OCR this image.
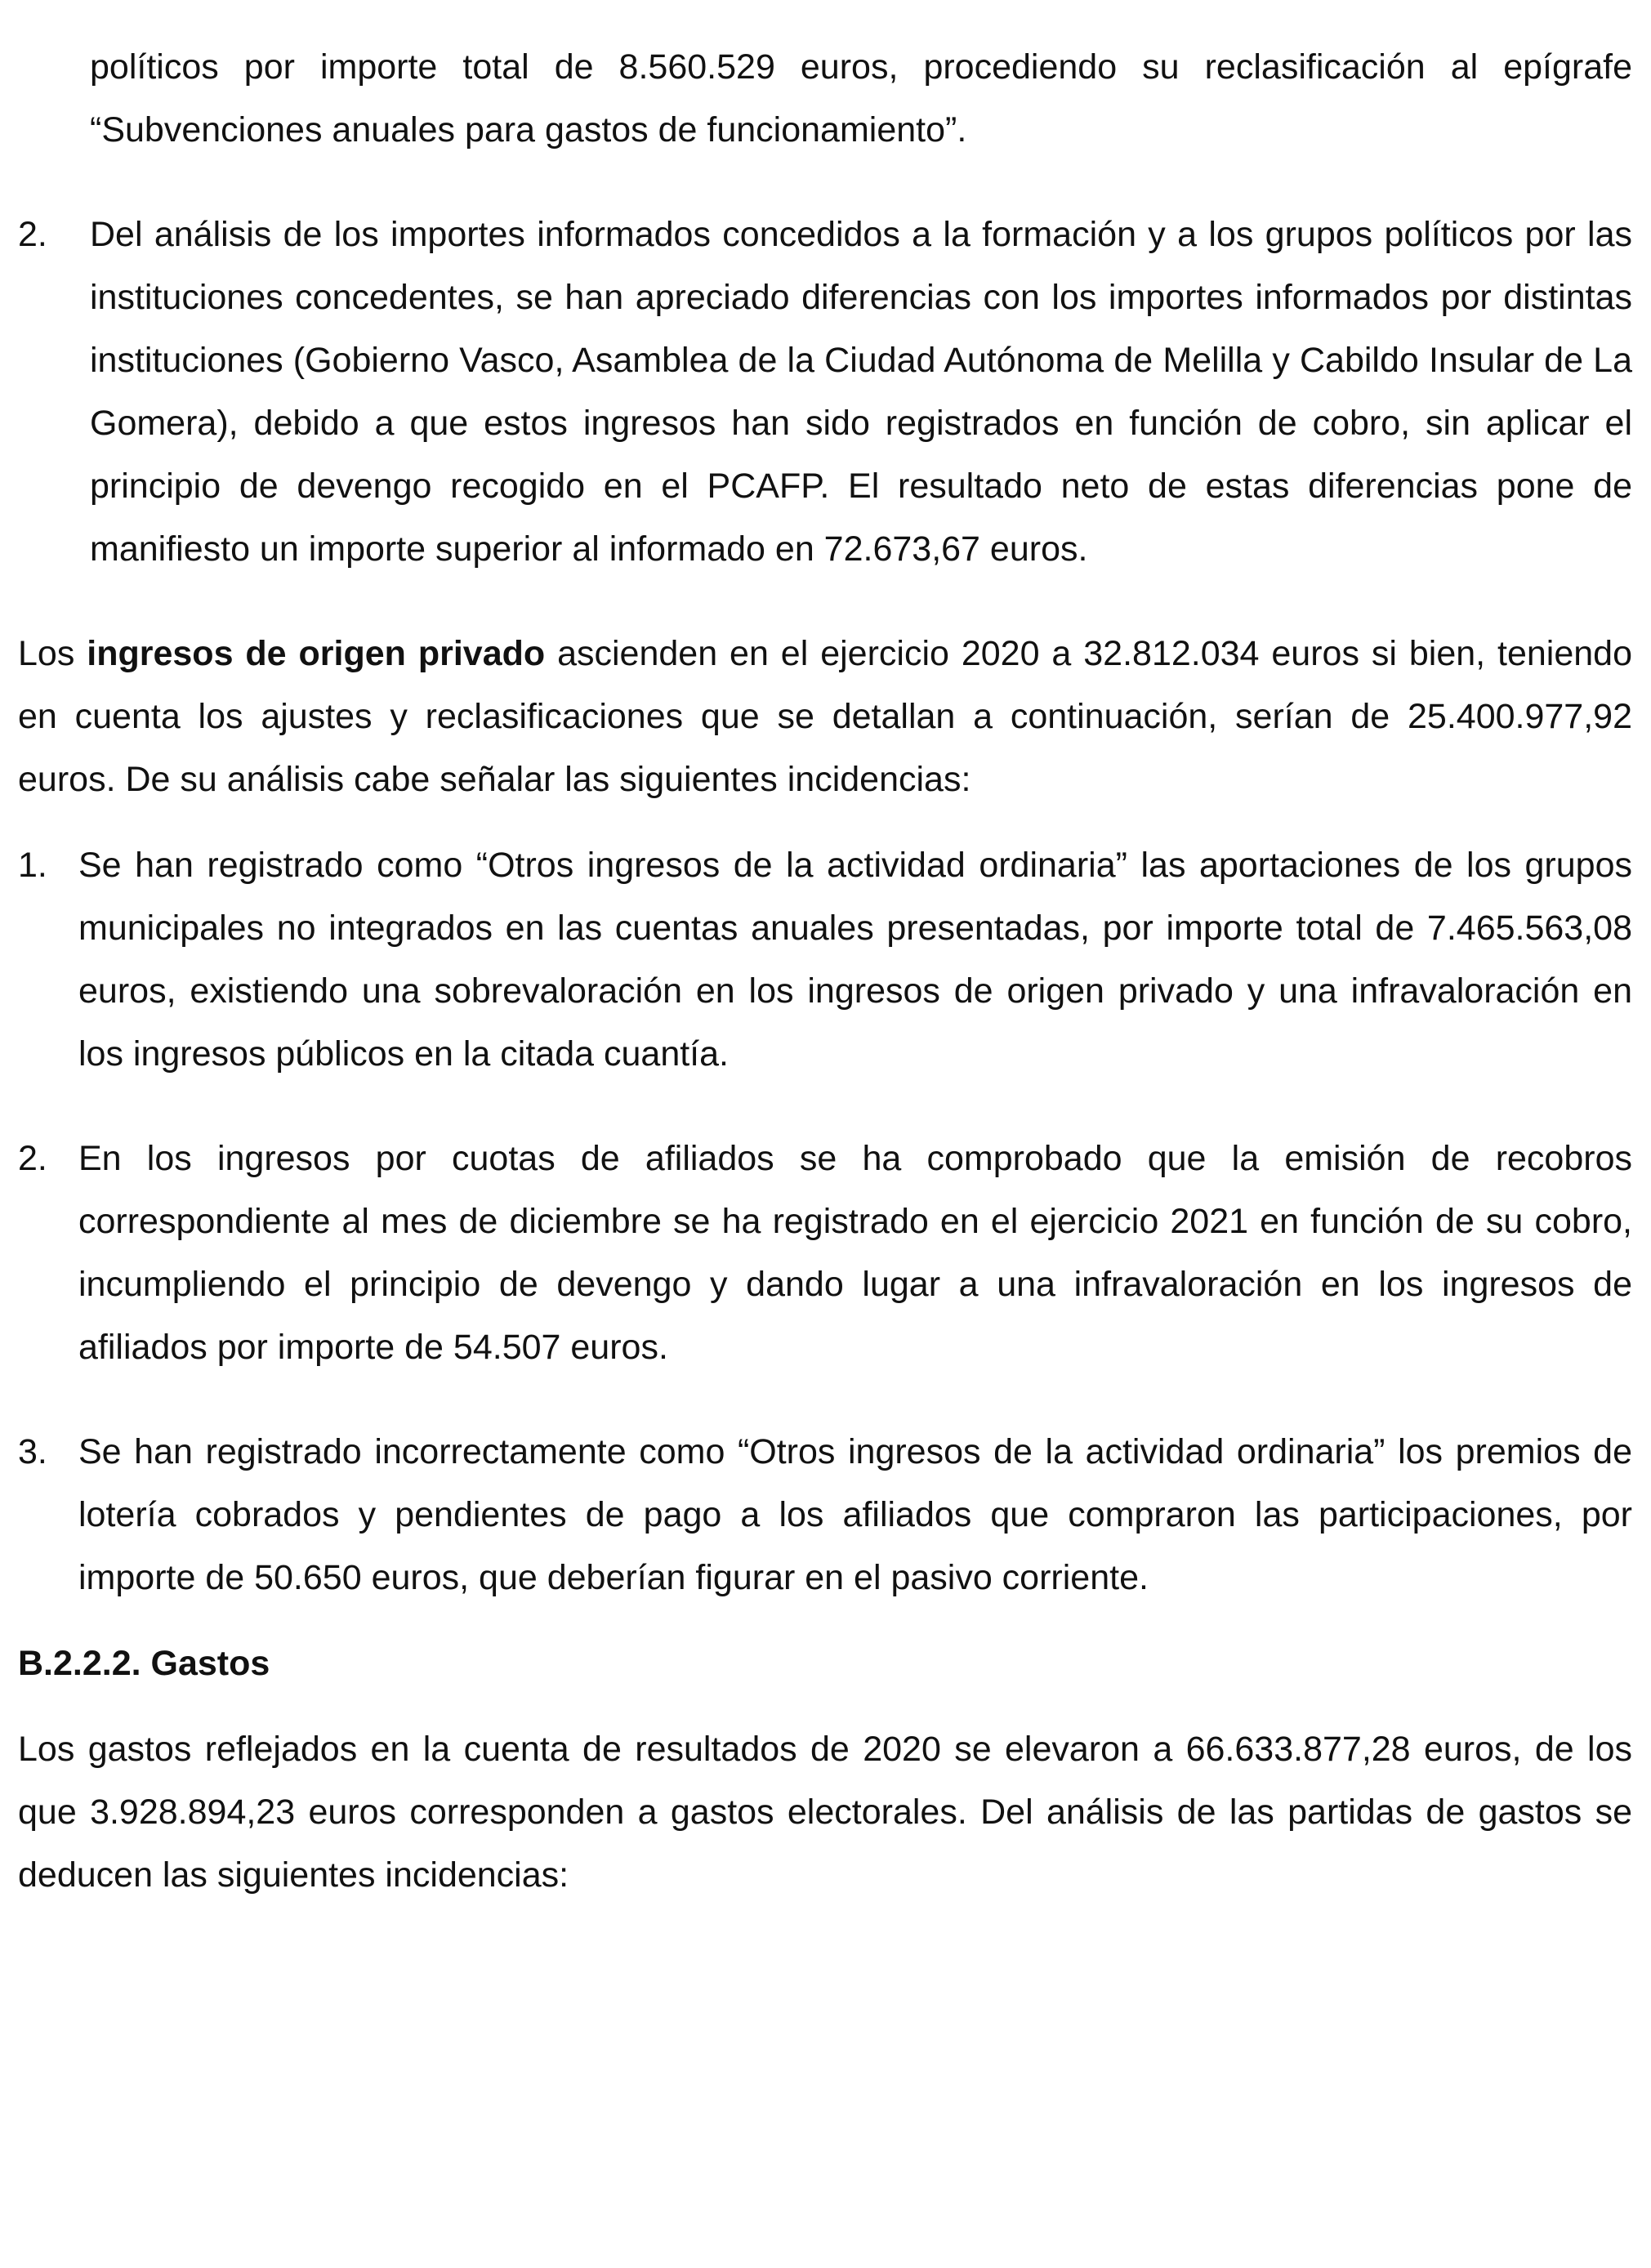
políticos por importe total de 8.560.529 euros, procediendo su reclasificación al epígrafe “Subvenciones anuales para gastos de funcionamiento”.

2. Del análisis de los importes informados concedidos a la formación y a los grupos políticos por las instituciones concedentes, se han apreciado diferencias con los importes informados por distintas instituciones (Gobierno Vasco, Asamblea de la Ciudad Autónoma de Melilla y Cabildo Insular de La Gomera), debido a que estos ingresos han sido registrados en función de cobro, sin aplicar el principio de devengo recogido en el PCAFP. El resultado neto de estas diferencias pone de manifiesto un importe superior al informado en 72.673,67 euros.

Los ingresos de origen privado ascienden en el ejercicio 2020 a 32.812.034 euros si bien, teniendo en cuenta los ajustes y reclasificaciones que se detallan a continuación, serían de 25.400.977,92 euros. De su análisis cabe señalar las siguientes incidencias:

1. Se han registrado como “Otros ingresos de la actividad ordinaria” las aportaciones de los grupos municipales no integrados en las cuentas anuales presentadas, por importe total de 7.465.563,08 euros, existiendo una sobrevaloración en los ingresos de origen privado y una infravaloración en los ingresos públicos en la citada cuantía.

2. En los ingresos por cuotas de afiliados se ha comprobado que la emisión de recobros correspondiente al mes de diciembre se ha registrado en el ejercicio 2021 en función de su cobro, incumpliendo el principio de devengo y dando lugar a una infravaloración en los ingresos de afiliados por importe de 54.507 euros.

3. Se han registrado incorrectamente como “Otros ingresos de la actividad ordinaria” los premios de lotería cobrados y pendientes de pago a los afiliados que compraron las participaciones, por importe de 50.650 euros, que deberían figurar en el pasivo corriente.

B.2.2.2. Gastos

Los gastos reflejados en la cuenta de resultados de 2020 se elevaron a 66.633.877,28 euros, de los que 3.928.894,23 euros corresponden a gastos electorales. Del análisis de las partidas de gastos se deducen las siguientes incidencias:
